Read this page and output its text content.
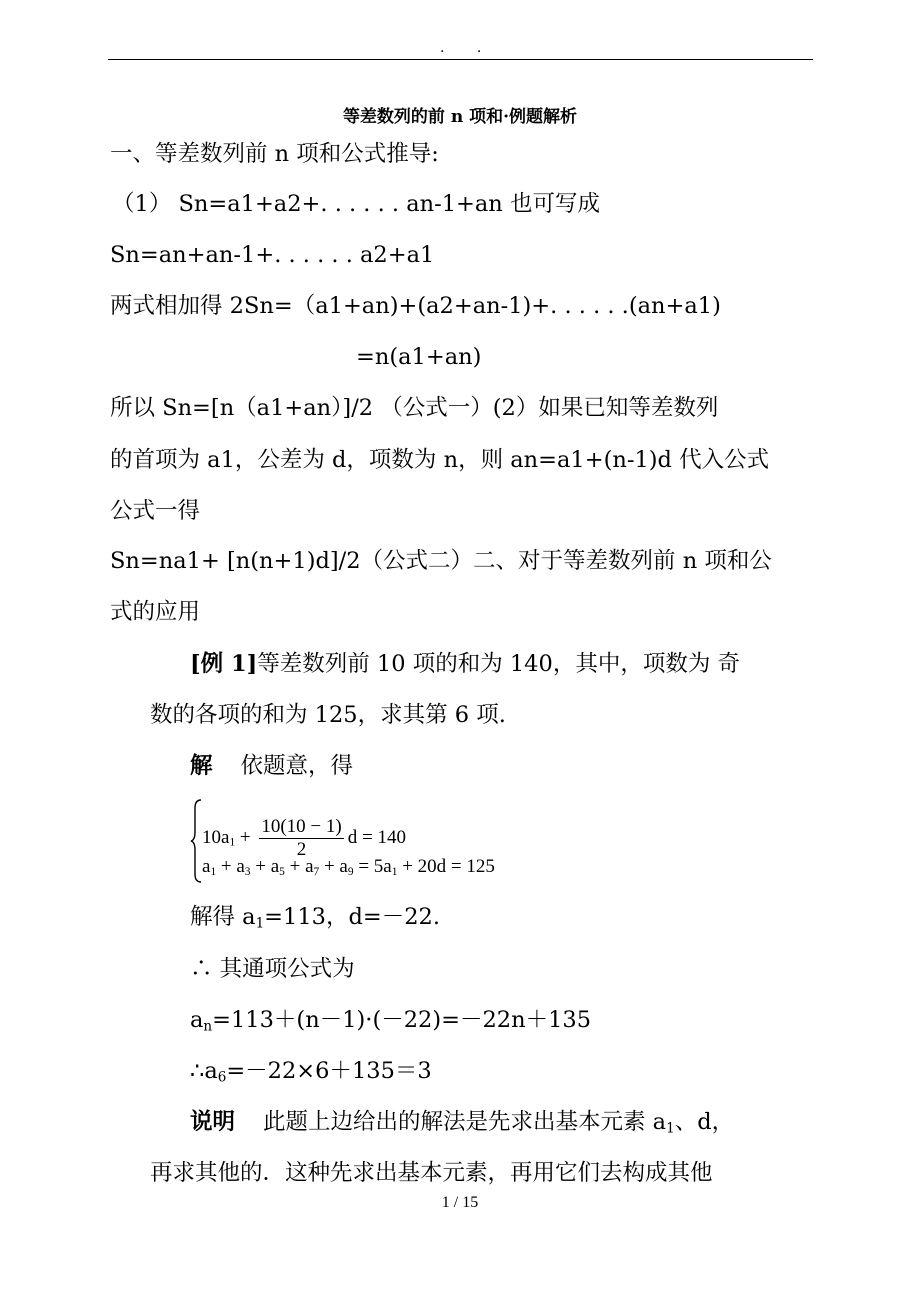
. .
等差数列的前 n 项和·例题解析
一、等差数列前 n 项和公式推导:
（1） Sn=a1+a2+. . . . . . an-1+an 也可写成
Sn=an+an-1+. . . . . . a2+a1
两式相加得 2Sn=（a1+an)+(a2+an-1)+. . . . . .(an+a1)
=n(a1+an)
所以 Sn=[n（a1+an）]/2 （公式一）(2）如果已知等差数列
的首项为 a1，公差为 d，项数为 n，则 an=a1+(n-1)d 代入公式
公式一得
Sn=na1+ [n(n+1)d]/2（公式二）二、对于等差数列前 n 项和公
式的应用
[例 1]等差数列前 10 项的和为 140，其中，项数为 奇
数的各项的和为 125，求其第 6 项.
解 依题意，得
$10a_1 + \frac{10(10 - 1)}{2}$ d = 140
$a_1 + a_3 + a_5 + a_7 + a_9 = 5a_1 + 20d = 125$
解得 $a_1=113$，d=－22.
∴ 其通项公式为
$a_n=113+(n-1)\cdot(-22)=-22n+135$
$\therefore a_6=-22\times 6+135=3$
说明 此题上边给出的解法是先求出基本元素 $a_1$、d，
再求其他的．这种先求出基本元素，再用它们去构成其他
1 / 15
